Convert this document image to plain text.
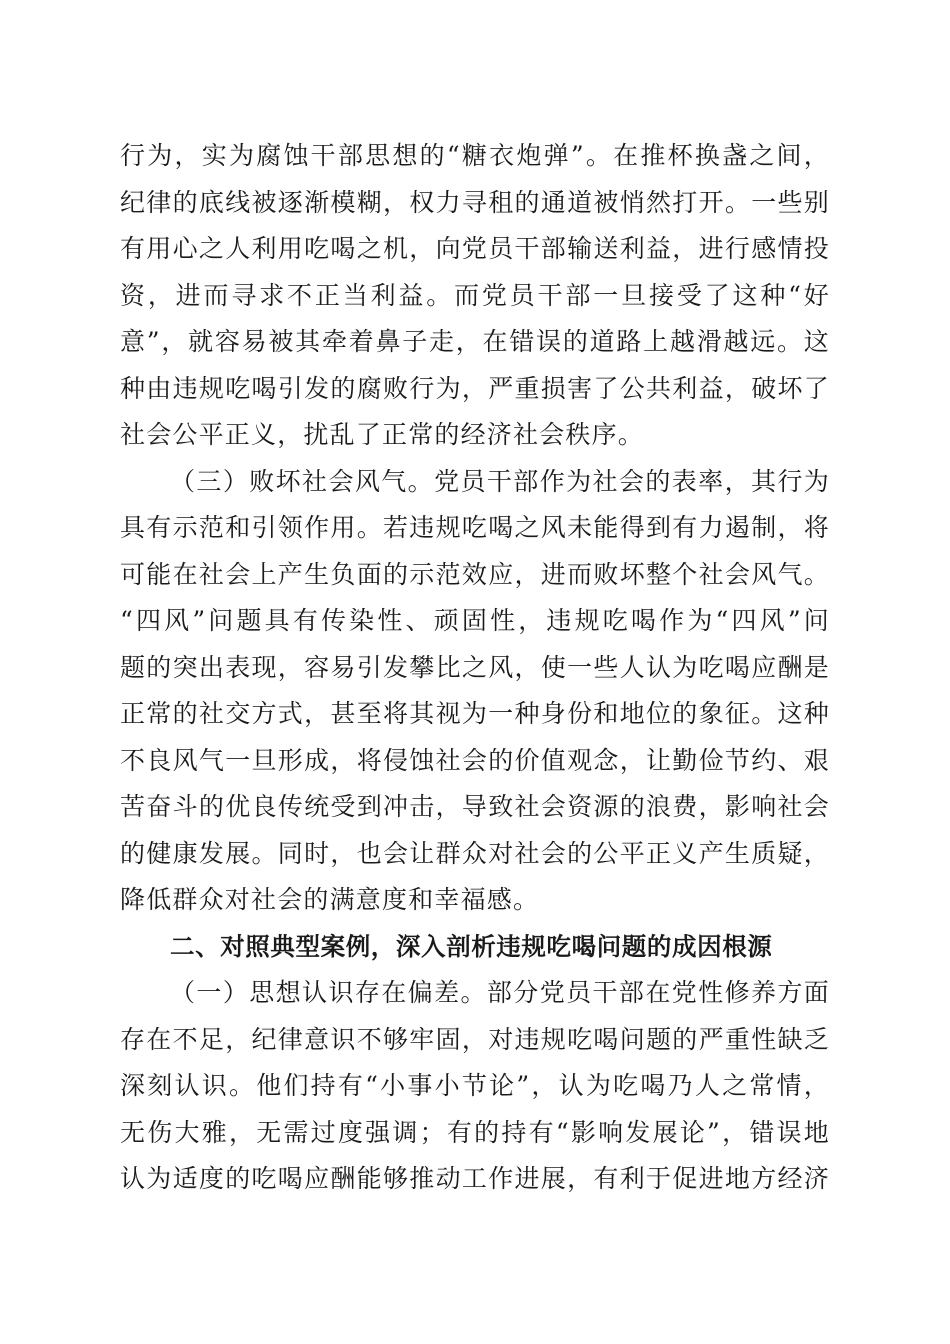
行为，实为腐蚀干部思想的“糖衣炮弹”。在推杯换盏之间，
纪律的底线被逐渐模糊，权力寻租的通道被悄然打开。一些别
有用心之人利用吃喝之机，向党员干部输送利益，进行感情投
资，进而寻求不正当利益。而党员干部一旦接受了这种“好
意”，就容易被其牵着鼻子走，在错误的道路上越滑越远。这
种由违规吃喝引发的腐败行为，严重损害了公共利益，破坏了
社会公平正义，扰乱了正常的经济社会秩序。
（三）败坏社会风气。党员干部作为社会的表率，其行为
具有示范和引领作用。若违规吃喝之风未能得到有力遏制，将
可能在社会上产生负面的示范效应，进而败坏整个社会风气。
“四风”问题具有传染性、顽固性，违规吃喝作为“四风”问
题的突出表现，容易引发攀比之风，使一些人认为吃喝应酬是
正常的社交方式，甚至将其视为一种身份和地位的象征。这种
不良风气一旦形成，将侵蚀社会的价值观念，让勤俭节约、艰
苦奋斗的优良传统受到冲击，导致社会资源的浪费，影响社会
的健康发展。同时，也会让群众对社会的公平正义产生质疑，
降低群众对社会的满意度和幸福感。
二、对照典型案例，深入剖析违规吃喝问题的成因根源
（一）思想认识存在偏差。部分党员干部在党性修养方面
存在不足，纪律意识不够牢固，对违规吃喝问题的严重性缺乏
深刻认识。他们持有“小事小节论”，认为吃喝乃人之常情，
无伤大雅，无需过度强调；有的持有“影响发展论”，错误地
认为适度的吃喝应酬能够推动工作进展，有利于促进地方经济
